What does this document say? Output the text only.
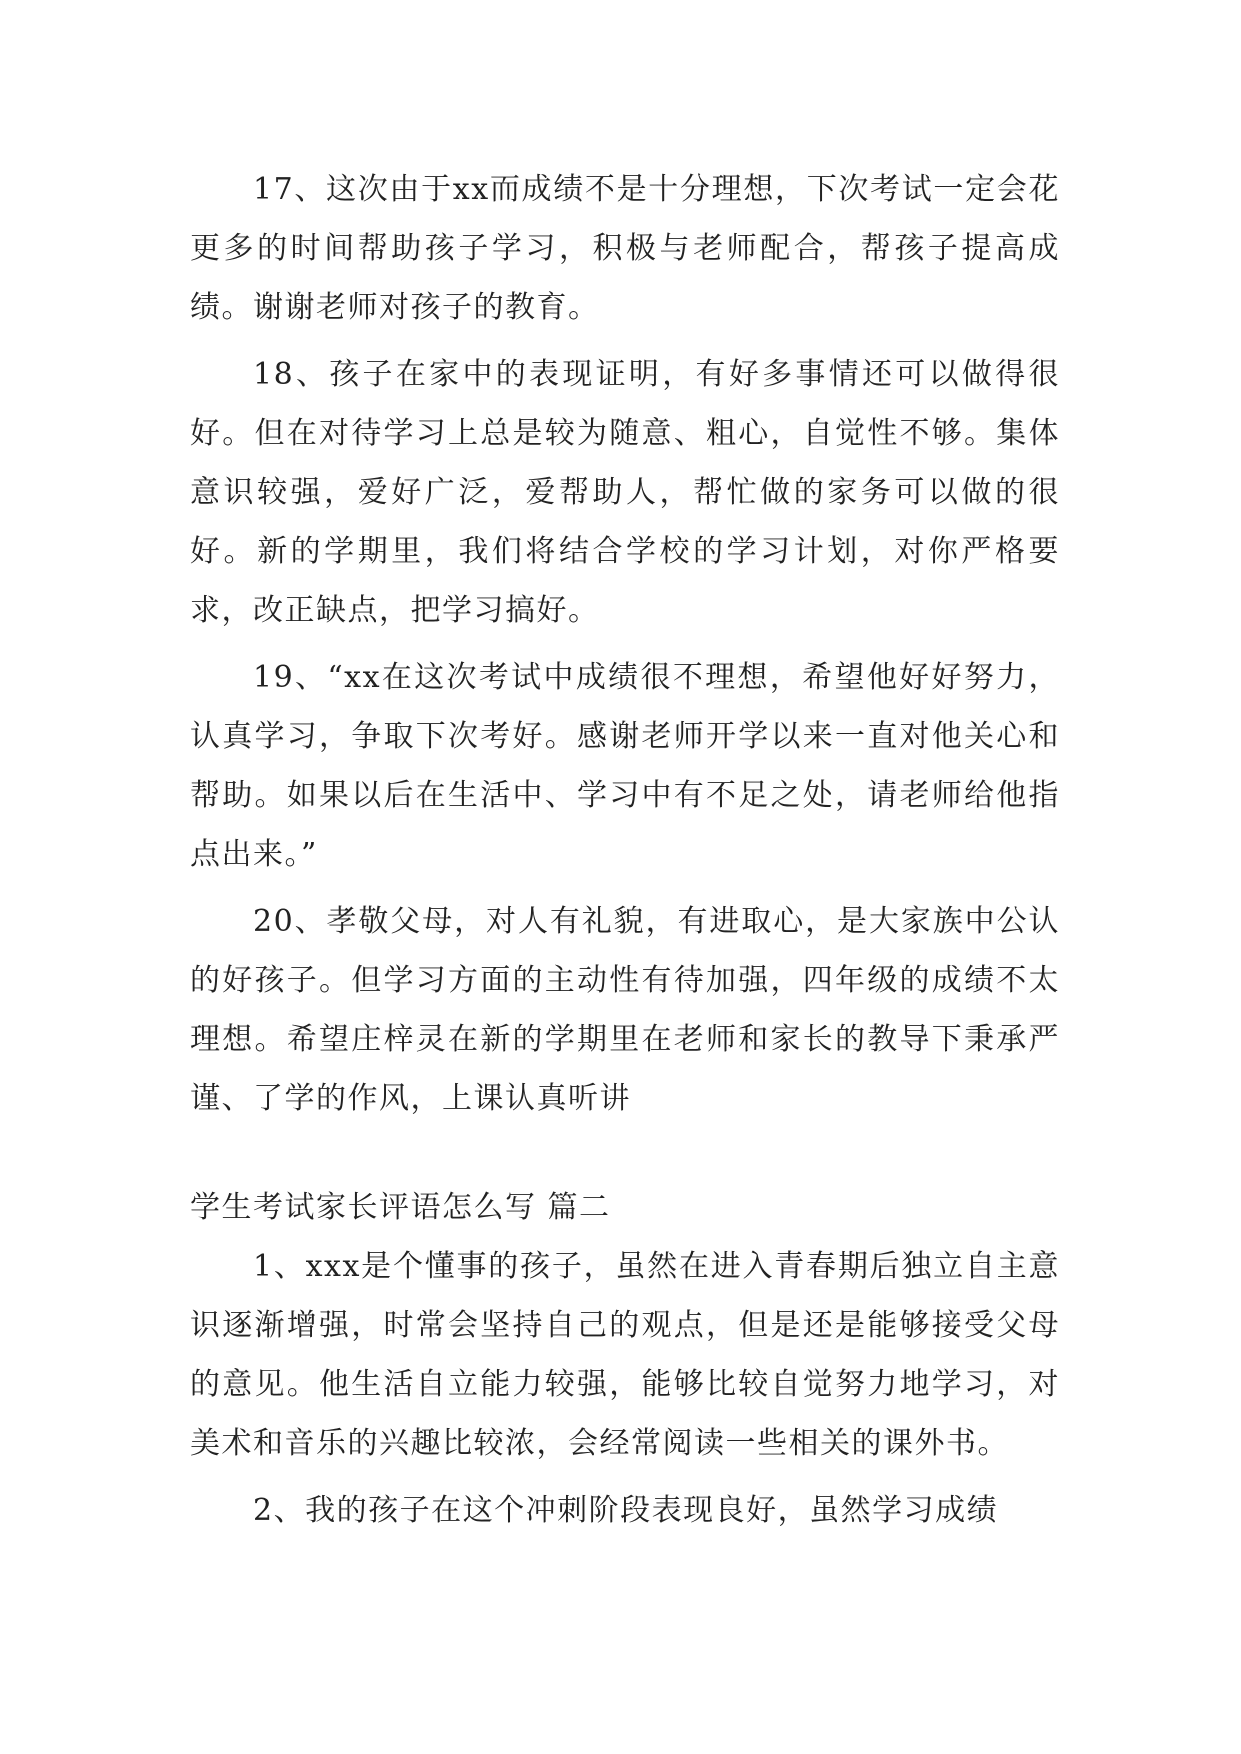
17、这次由于xx而成绩不是十分理想，下次考试一定会花更多的时间帮助孩子学习，积极与老师配合，帮孩子提高成绩。谢谢老师对孩子的教育。

18、孩子在家中的表现证明，有好多事情还可以做得很好。但在对待学习上总是较为随意、粗心，自觉性不够。集体意识较强，爱好广泛，爱帮助人，帮忙做的家务可以做的很好。新的学期里，我们将结合学校的学习计划，对你严格要求，改正缺点，把学习搞好。

19、“xx在这次考试中成绩很不理想，希望他好好努力，认真学习，争取下次考好。感谢老师开学以来一直对他关心和帮助。如果以后在生活中、学习中有不足之处，请老师给他指点出来。”

20、孝敬父母，对人有礼貌，有进取心，是大家族中公认的好孩子。但学习方面的主动性有待加强，四年级的成绩不太理想。希望庄梓灵在新的学期里在老师和家长的教导下秉承严谨、了学的作风，上课认真听讲

学生考试家长评语怎么写 篇二

1、xxx是个懂事的孩子，虽然在进入青春期后独立自主意识逐渐增强，时常会坚持自己的观点，但是还是能够接受父母的意见。他生活自立能力较强，能够比较自觉努力地学习，对美术和音乐的兴趣比较浓，会经常阅读一些相关的课外书。

2、我的孩子在这个冲刺阶段表现良好，虽然学习成绩
